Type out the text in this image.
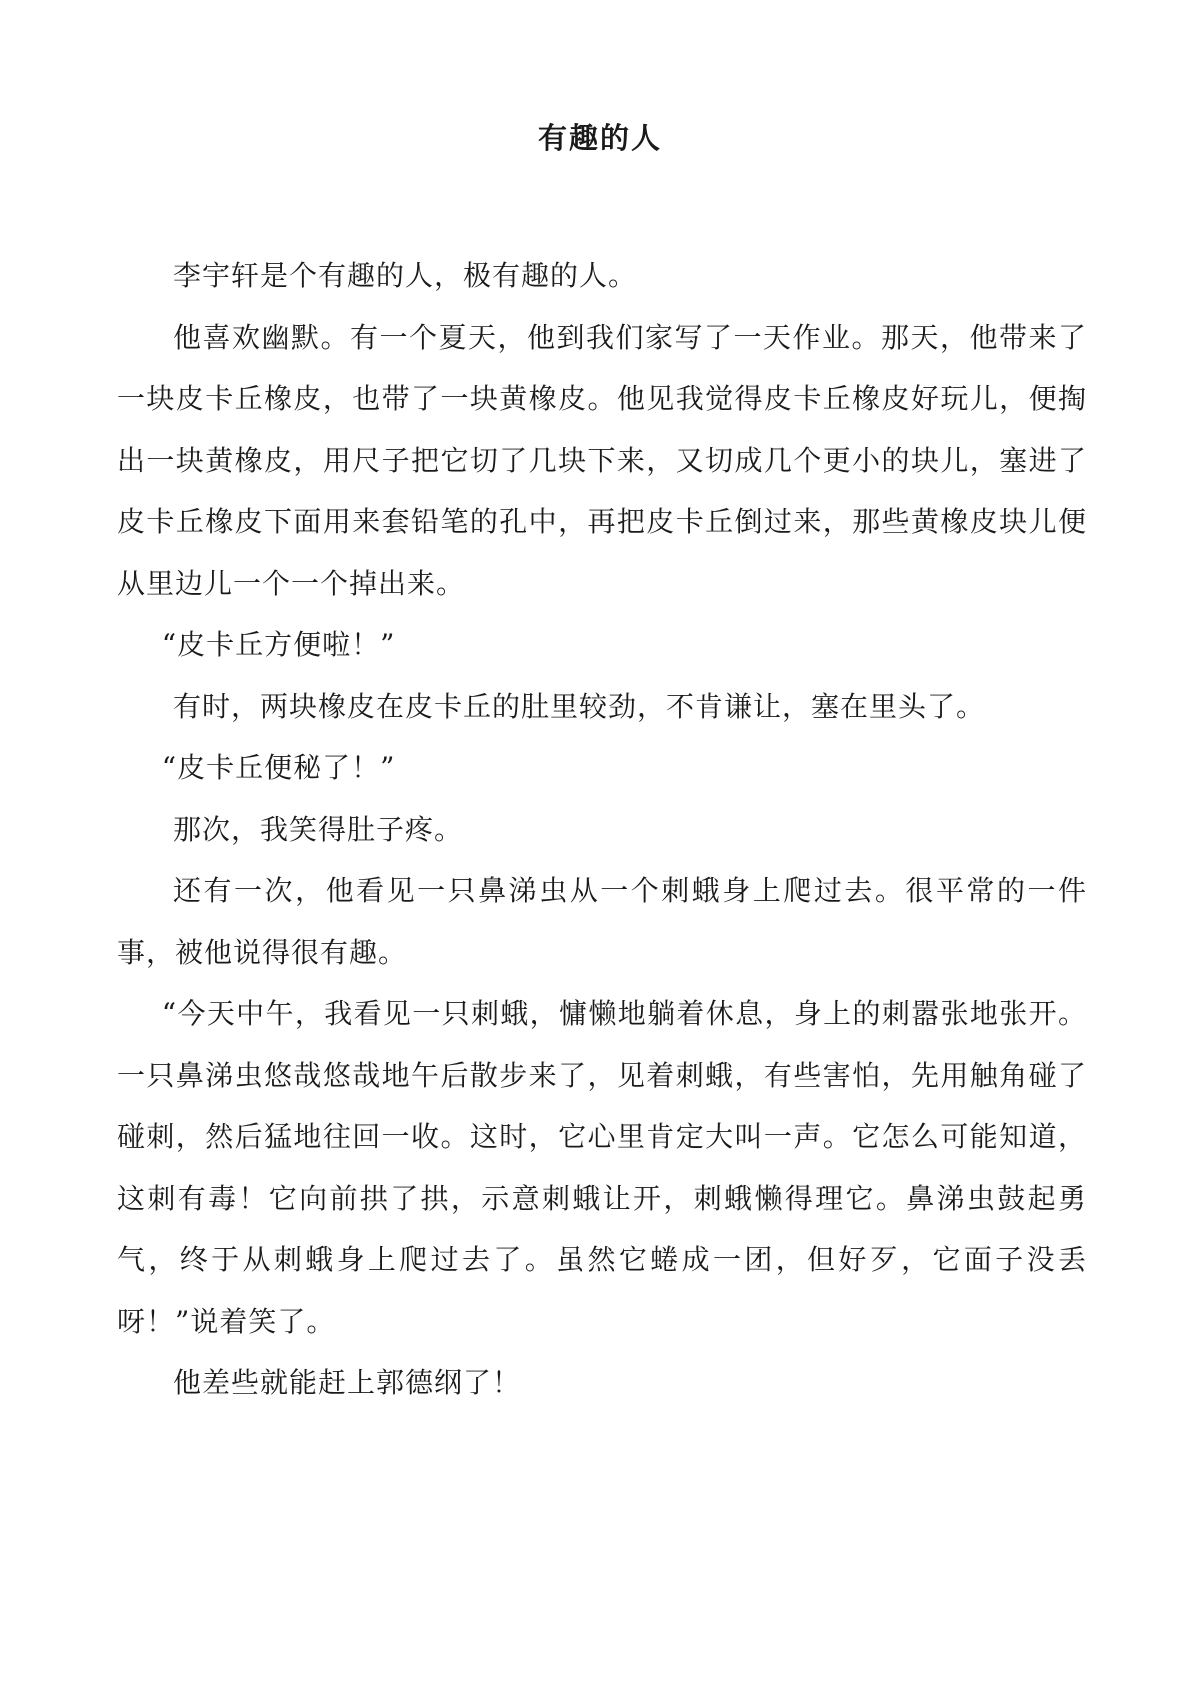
有趣的人

李宇轩是个有趣的人，极有趣的人。

他喜欢幽默。有一个夏天，他到我们家写了一天作业。那天，他带来了一块皮卡丘橡皮，也带了一块黄橡皮。他见我觉得皮卡丘橡皮好玩儿，便掏出一块黄橡皮，用尺子把它切了几块下来，又切成几个更小的块儿，塞进了皮卡丘橡皮下面用来套铅笔的孔中，再把皮卡丘倒过来，那些黄橡皮块儿便从里边儿一个一个掉出来。

“皮卡丘方便啦！”

有时，两块橡皮在皮卡丘的肚里较劲，不肯谦让，塞在里头了。

“皮卡丘便秘了！”

那次，我笑得肚子疼。

还有一次，他看见一只鼻涕虫从一个刺蛾身上爬过去。很平常的一件事，被他说得很有趣。

“今天中午，我看见一只刺蛾，慵懒地躺着休息，身上的刺嚣张地张开。一只鼻涕虫悠哉悠哉地午后散步来了，见着刺蛾，有些害怕，先用触角碰了碰刺，然后猛地往回一收。这时，它心里肯定大叫一声。它怎么可能知道，这刺有毒！它向前拱了拱，示意刺蛾让开，刺蛾懒得理它。鼻涕虫鼓起勇气，终于从刺蛾身上爬过去了。虽然它蜷成一团，但好歹，它面子没丢呀！”说着笑了。

他差些就能赶上郭德纲了！
